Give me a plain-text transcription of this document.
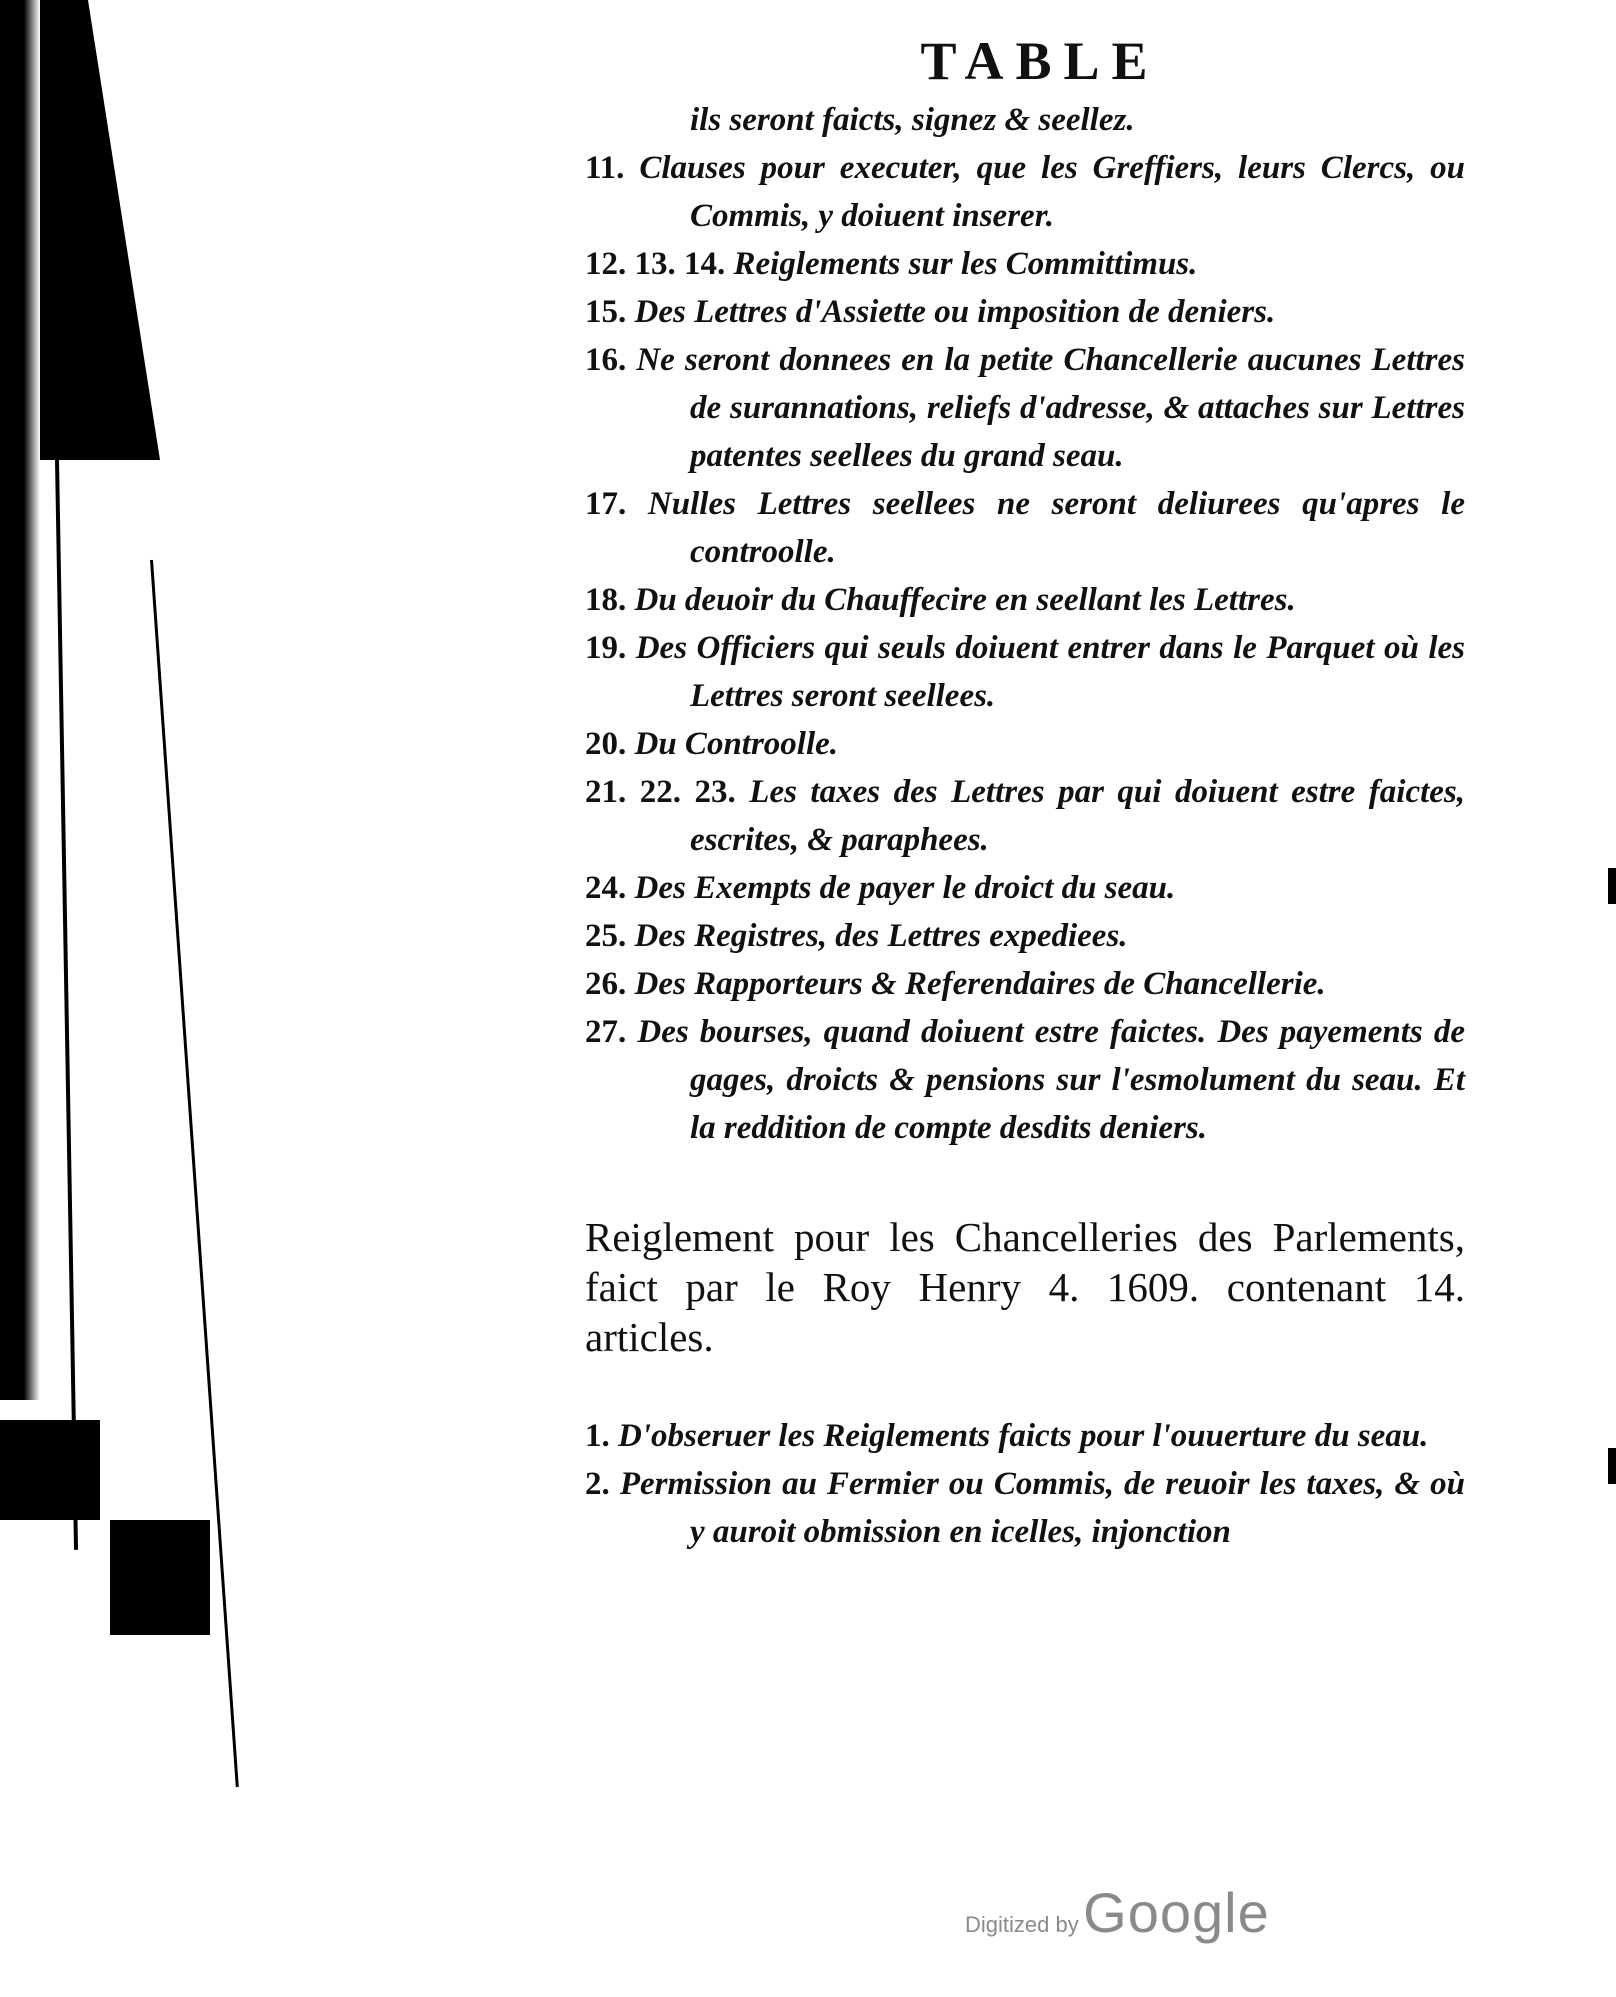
TABLE

ils seront faicts, signez & seellez.

11. Clauses pour executer, que les Greffiers, leurs Clercs, ou Commis, y doiuent inserer.

12. 13. 14. Reiglements sur les Committimus.

15. Des Lettres d'Assiette ou imposition de deniers.

16. Ne seront donnees en la petite Chancellerie aucunes Lettres de surannations, reliefs d'adresse, & attaches sur Lettres patentes seellees du grand seau.

17. Nulles Lettres seellees ne seront deliurees qu'apres le controolle.

18. Du deuoir du Chauffecire en seellant les Lettres.

19. Des Officiers qui seuls doiuent entrer dans le Parquet où les Lettres seront seellees.

20. Du Controolle.

21. 22. 23. Les taxes des Lettres par qui doiuent estre faictes, escrites, & paraphees.

24. Des Exempts de payer le droict du seau.

25. Des Registres, des Lettres expediees.

26. Des Rapporteurs & Referendaires de Chancellerie.

27. Des bourses, quand doiuent estre faictes. Des payements de gages, droicts & pensions sur l'esmolument du seau. Et la reddition de compte desdits deniers.

Reiglement pour les Chancelleries des Parlements, faict par le Roy Henry 4. 1609. contenant 14. articles.

1. D'obseruer les Reiglements faicts pour l'ouuerture du seau.

2. Permission au Fermier ou Commis, de reuoir les taxes, & où y auroit obmission en icelles, injonction

Digitized by Google
